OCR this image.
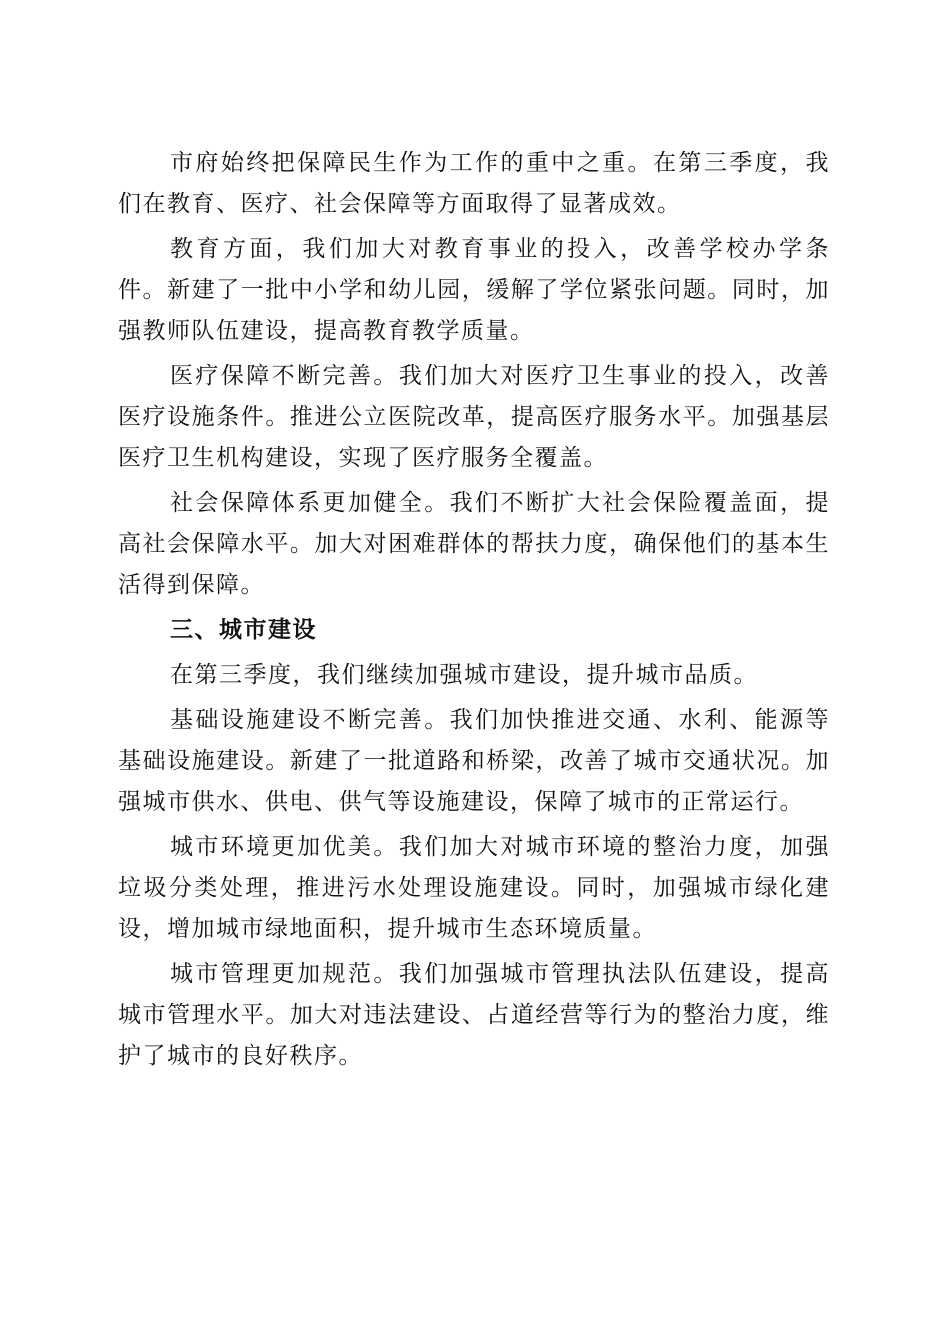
市府始终把保障民生作为工作的重中之重。在第三季度，我们在教育、医疗、社会保障等方面取得了显著成效。

教育方面，我们加大对教育事业的投入，改善学校办学条件。新建了一批中小学和幼儿园，缓解了学位紧张问题。同时，加强教师队伍建设，提高教育教学质量。

医疗保障不断完善。我们加大对医疗卫生事业的投入，改善医疗设施条件。推进公立医院改革，提高医疗服务水平。加强基层医疗卫生机构建设，实现了医疗服务全覆盖。

社会保障体系更加健全。我们不断扩大社会保险覆盖面，提高社会保障水平。加大对困难群体的帮扶力度，确保他们的基本生活得到保障。

三、城市建设

在第三季度，我们继续加强城市建设，提升城市品质。

基础设施建设不断完善。我们加快推进交通、水利、能源等基础设施建设。新建了一批道路和桥梁，改善了城市交通状况。加强城市供水、供电、供气等设施建设，保障了城市的正常运行。

城市环境更加优美。我们加大对城市环境的整治力度，加强垃圾分类处理，推进污水处理设施建设。同时，加强城市绿化建设，增加城市绿地面积，提升城市生态环境质量。

城市管理更加规范。我们加强城市管理执法队伍建设，提高城市管理水平。加大对违法建设、占道经营等行为的整治力度，维护了城市的良好秩序。
